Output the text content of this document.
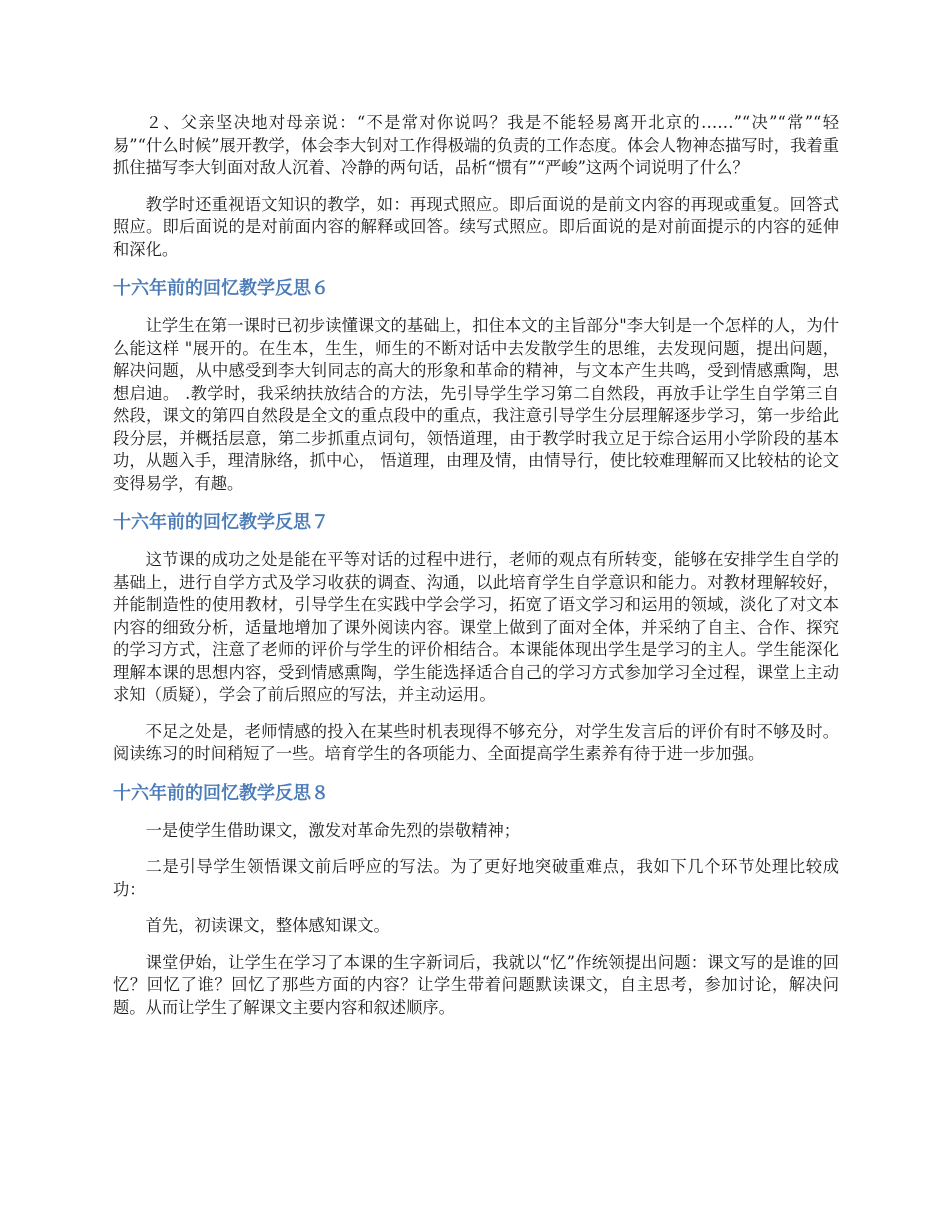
２、父亲坚决地对母亲说：“不是常对你说吗？我是不能轻易离开北京的……”“决”“常”“轻易”“什么时候”展开教学，体会李大钊对工作得极端的负责的工作态度。体会人物神态描写时，我着重抓住描写李大钊面对敌人沉着、冷静的两句话，品析“惯有”“严峻”这两个词说明了什么？

教学时还重视语文知识的教学，如：再现式照应。即后面说的是前文内容的再现或重复。回答式照应。即后面说的是对前面内容的解释或回答。续写式照应。即后面说的是对前面提示的内容的延伸和深化。

十六年前的回忆教学反思６

让学生在第一课时已初步读懂课文的基础上，扣住本文的主旨部分"李大钊是一个怎样的人，为什么能这样 "展开的。在生本，生生，师生的不断对话中去发散学生的思维，去发现问题，提出问题，解决问题，从中感受到李大钊同志的高大的形象和革命的精神，与文本产生共鸣，受到情感熏陶，思想启迪。 .教学时，我采纳扶放结合的方法，先引导学生学习第二自然段，再放手让学生自学第三自然段，课文的第四自然段是全文的重点段中的重点，我注意引导学生分层理解逐步学习，第一步给此段分层，并概括层意，第二步抓重点词句，领悟道理，由于教学时我立足于综合运用小学阶段的基本功，从题入手，理清脉络，抓中心， 悟道理，由理及情，由情导行，使比较难理解而又比较枯的论文变得易学，有趣。

十六年前的回忆教学反思７

这节课的成功之处是能在平等对话的过程中进行，老师的观点有所转变，能够在安排学生自学的基础上，进行自学方式及学习收获的调查、沟通，以此培育学生自学意识和能力。对教材理解较好，并能制造性的使用教材，引导学生在实践中学会学习，拓宽了语文学习和运用的领域，淡化了对文本内容的细致分析，适量地增加了课外阅读内容。课堂上做到了面对全体，并采纳了自主、合作、探究的学习方式，注意了老师的评价与学生的评价相结合。本课能体现出学生是学习的主人。学生能深化理解本课的思想内容，受到情感熏陶，学生能选择适合自己的学习方式参加学习全过程，课堂上主动求知（质疑），学会了前后照应的写法，并主动运用。

不足之处是，老师情感的投入在某些时机表现得不够充分，对学生发言后的评价有时不够及时。阅读练习的时间稍短了一些。培育学生的各项能力、全面提高学生素养有待于进一步加强。

十六年前的回忆教学反思８

一是使学生借助课文，激发对革命先烈的崇敬精神；

二是引导学生领悟课文前后呼应的写法。为了更好地突破重难点，我如下几个环节处理比较成功：

首先，初读课文，整体感知课文。

课堂伊始，让学生在学习了本课的生字新词后，我就以“忆”作统领提出问题：课文写的是谁的回忆？回忆了谁？回忆了那些方面的内容？让学生带着问题默读课文，自主思考，参加讨论，解决问题。从而让学生了解课文主要内容和叙述顺序。
